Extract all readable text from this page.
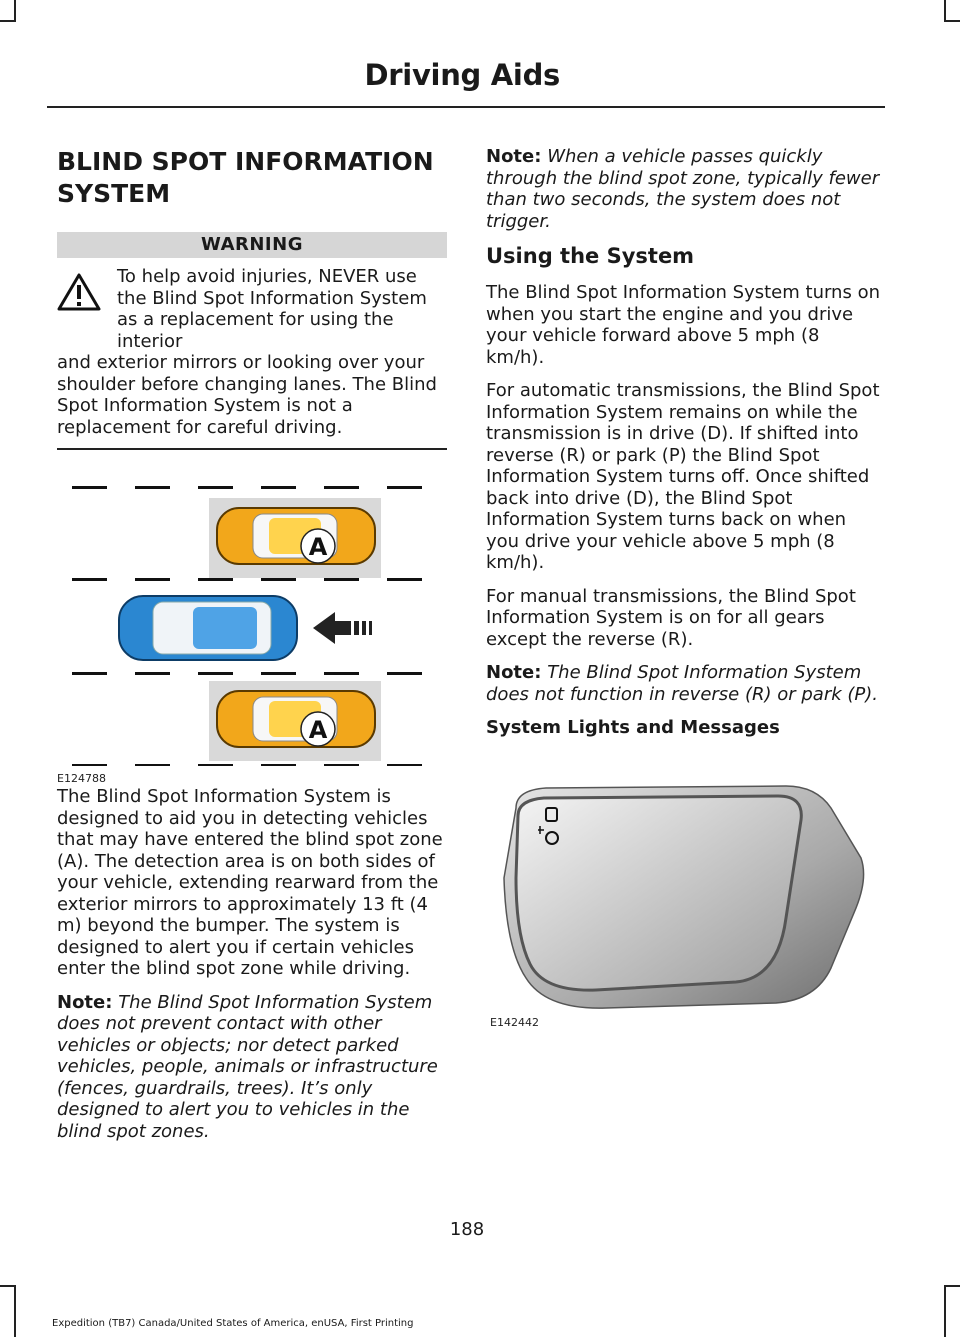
Driving Aids
BLIND SPOT INFORMATION SYSTEM
WARNING

To help avoid injuries, NEVER use the Blind Spot Information System as a replacement for using the interior

and exterior mirrors or looking over your shoulder before changing lanes. The Blind Spot Information System is not a replacement for careful driving.

A
A
E124788

The Blind Spot Information System is designed to aid you in detecting vehicles that may have entered the blind spot zone (A). The detection area is on both sides of your vehicle, extending rearward from the exterior mirrors to approximately 13 ft (4 m) beyond the bumper. The system is designed to alert you if certain vehicles enter the blind spot zone while driving.

Note: The Blind Spot Information System does not prevent contact with other vehicles or objects; nor detect parked vehicles, people, animals or infrastructure (fences, guardrails, trees). It’s only designed to alert you to vehicles in the blind spot zones.

Note: When a vehicle passes quickly through the blind spot zone, typically fewer than two seconds, the system does not trigger.

Using the System

The Blind Spot Information System turns on when you start the engine and you drive your vehicle forward above 5 mph (8 km/h).

For automatic transmissions, the Blind Spot Information System remains on while the transmission is in drive (D). If shifted into reverse (R) or park (P) the Blind Spot Information System turns off. Once shifted back into drive (D), the Blind Spot Information System turns back on when you drive your vehicle above 5 mph (8 km/h).

For manual transmissions, the Blind Spot Information System is on for all gears except the reverse (R).

Note: The Blind Spot Information System does not function in reverse (R) or park (P).

System Lights and Messages
E142442
188
Expedition (TB7) Canada/United States of America, enUSA, First Printing
